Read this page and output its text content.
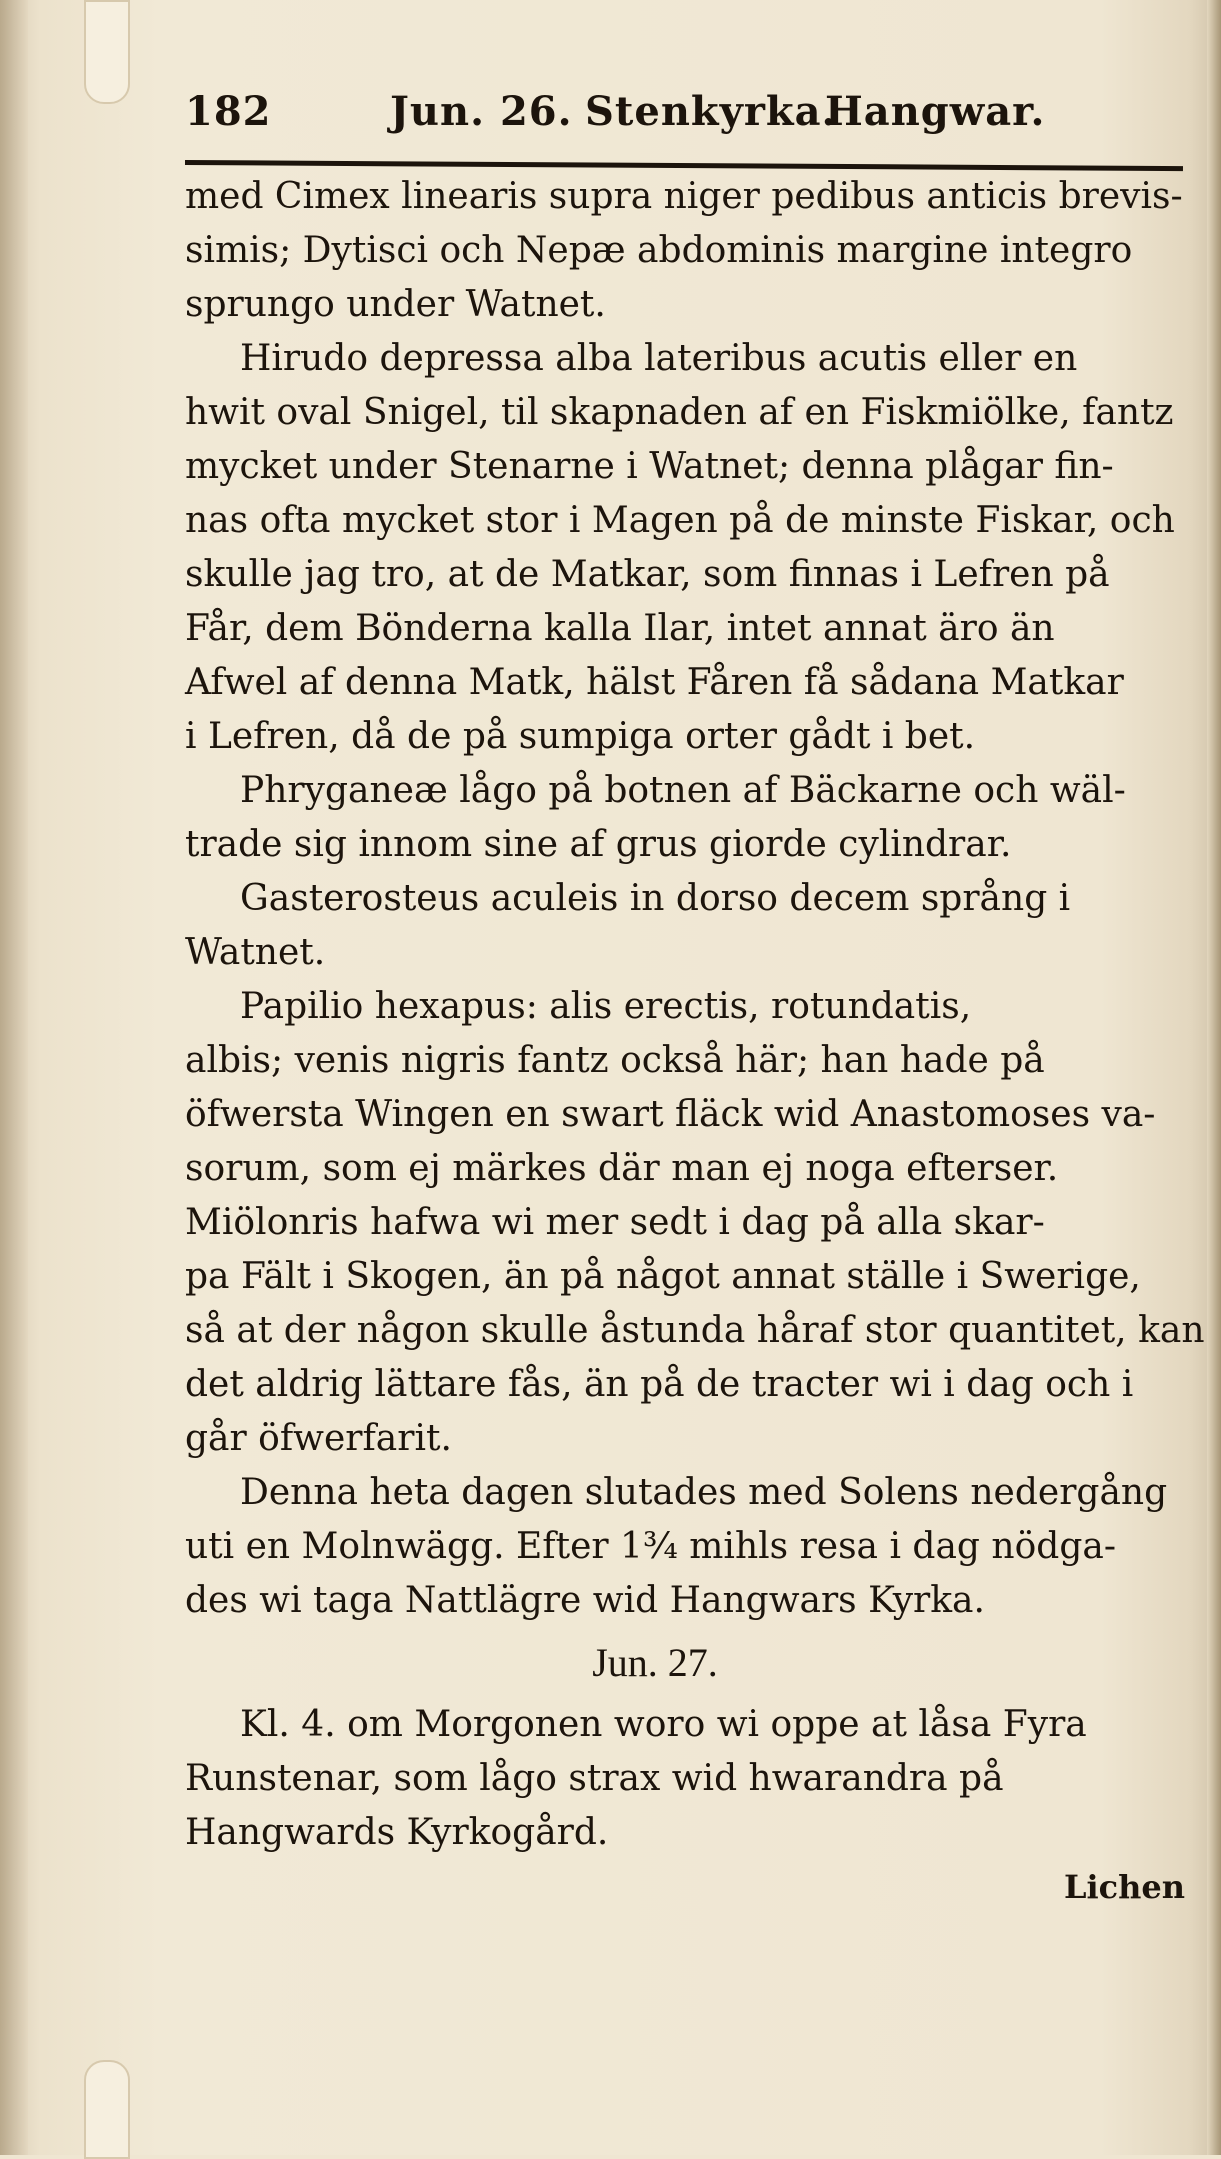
182	Jun. 26. Stenkyrka.
Hangwar.
med Cimex linearis supra niger pedibus anticis brevis-
simis; Dytisci och Nepæ abdominis margine integro
sprungo under Watnet.
Hirudo depressa alba lateribus acutis eller en
hwit oval Snigel, til skapnaden af en Fiskmiölke, fantz
mycket under Stenarne i Watnet; denna plågar fin-
nas ofta mycket stor i Magen på de minste Fiskar, och
skulle jag tro, at de Matkar, som finnas i Lefren på
Får, dem Bönderna kalla Ilar, intet annat äro än
Afwel af denna Matk, hälst Fåren få sådana Matkar
i Lefren, då de på sumpiga orter gådt i bet.
Phryganeæ lågo på botnen af Bäckarne och wäl-
trade sig innom sine af grus giorde cylindrar.
Gasterosteus aculeis in dorso decem språng i
Watnet.
Papilio hexapus: alis erectis, rotundatis,
albis; venis nigris fantz också här; han hade på
öfwersta Wingen en swart fläck wid Anastomoses va-
sorum, som ej märkes där man ej noga efterser.
Miölonris hafwa wi mer sedt i dag på alla skar-
pa Fält i Skogen, än på något annat ställe i Swerige,
så at der någon skulle åstunda håraf stor quantitet, kan
det aldrig lättare fås, än på de tracter wi i dag och i
går öfwerfarit.
Denna heta dagen slutades med Solens nedergång
uti en Molnwägg. Efter 1¾ mihls resa i dag nödga-
des wi taga Nattlägre wid Hangwars Kyrka.
Jun. 27.
Kl. 4. om Morgonen woro wi oppe at låsa Fyra
Runstenar, som lågo strax wid hwarandra på
Hangwards Kyrkogård.
Lichen
